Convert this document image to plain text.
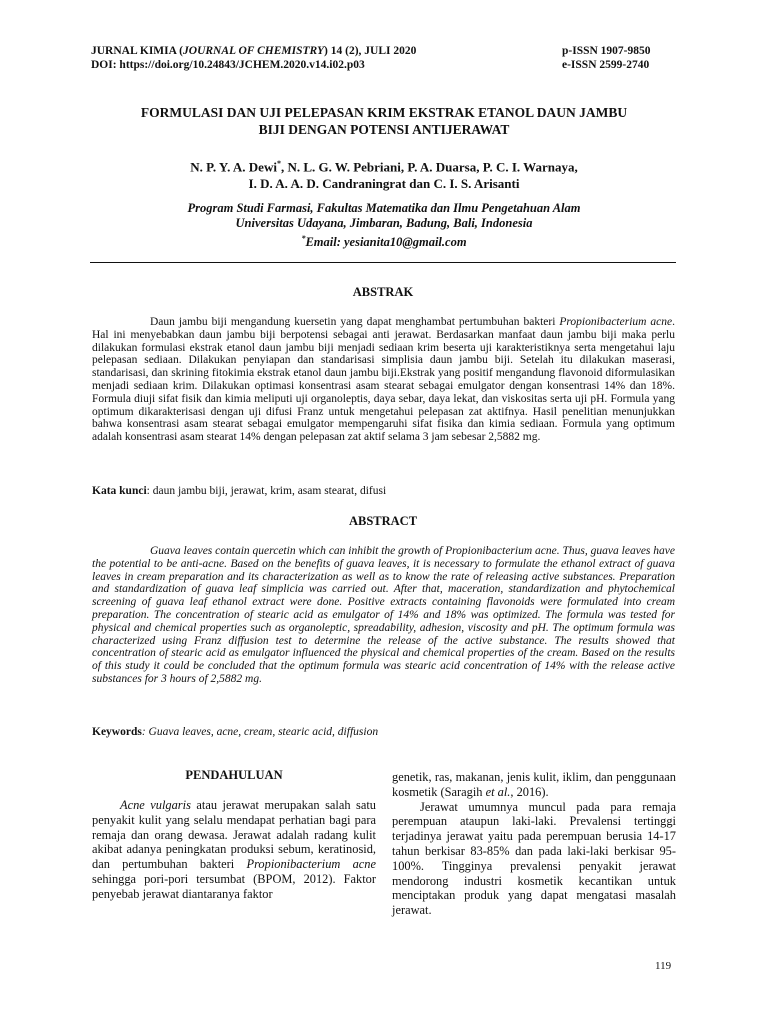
JURNAL KIMIA (JOURNAL OF CHEMISTRY) 14 (2), JULI 2020
DOI: https://doi.org/10.24843/JCHEM.2020.v14.i02.p03
p-ISSN 1907-9850
e-ISSN 2599-2740
FORMULASI DAN UJI PELEPASAN KRIM EKSTRAK ETANOL DAUN JAMBU
BIJI DENGAN POTENSI ANTIJERAWAT
N. P. Y. A. Dewi*, N. L. G. W. Pebriani, P. A. Duarsa, P. C. I. Warnaya,
I. D. A. A. D. Candraningrat dan C. I. S. Arisanti
Program Studi Farmasi, Fakultas Matematika dan Ilmu Pengetahuan Alam
Universitas Udayana, Jimbaran, Badung, Bali, Indonesia
*Email: yesianita10@gmail.com
ABSTRAK
Daun jambu biji mengandung kuersetin yang dapat menghambat pertumbuhan bakteri Propionibacterium acne. Hal ini menyebabkan daun jambu biji berpotensi sebagai anti jerawat. Berdasarkan manfaat daun jambu biji maka perlu dilakukan formulasi ekstrak etanol daun jambu biji menjadi sediaan krim beserta uji karakteristiknya serta mengetahui laju pelepasan sediaan. Dilakukan penyiapan dan standarisasi simplisia daun jambu biji. Setelah itu dilakukan maserasi, standarisasi, dan skrining fitokimia ekstrak etanol daun jambu biji.Ekstrak yang positif mengandung flavonoid diformulasikan menjadi sediaan krim. Dilakukan optimasi konsentrasi asam stearat sebagai emulgator dengan konsentrasi 14% dan 18%. Formula diuji sifat fisik dan kimia meliputi uji organoleptis, daya sebar, daya lekat, dan viskositas serta uji pH. Formula yang optimum dikarakterisasi dengan uji difusi Franz untuk mengetahui pelepasan zat aktifnya. Hasil penelitian menunjukkan bahwa konsentrasi asam stearat sebagai emulgator mempengaruhi sifat fisika dan kimia sediaan. Formula yang optimum adalah konsentrasi asam stearat 14% dengan pelepasan zat aktif selama 3 jam sebesar 2,5882 mg.
Kata kunci: daun jambu biji, jerawat, krim, asam stearat, difusi
ABSTRACT
Guava leaves contain quercetin which can inhibit the growth of Propionibacterium acne. Thus, guava leaves have the potential to be anti-acne. Based on the benefits of guava leaves, it is necessary to formulate the ethanol extract of guava leaves in cream preparation and its characterization as well as to know the rate of releasing active substances. Preparation and standardization of guava leaf simplicia was carried out. After that, maceration, standardization and phytochemical screening of guava leaf ethanol extract were done. Positive extracts containing flavonoids were formulated into cream preparation. The concentration of stearic acid as emulgator of 14% and 18% was optimized. The formula was tested for physical and chemical properties such as organoleptic, spreadability, adhesion, viscosity and pH. The optimum formula was characterized using Franz diffusion test to determine the release of the active substance. The results showed that concentration of stearic acid as emulgator influenced the physical and chemical properties of the cream. Based on the results of this study it could be concluded that the optimum formula was stearic acid concentration of 14% with the release active substances for 3 hours of 2,5882 mg.
Keywords: Guava leaves, acne, cream, stearic acid, diffusion
PENDAHULUAN
Acne vulgaris atau jerawat merupakan salah satu penyakit kulit yang selalu mendapat perhatian bagi para remaja dan orang dewasa. Jerawat adalah radang kulit akibat adanya peningkatan produksi sebum, keratinosid, dan pertumbuhan bakteri Propionibacterium acne sehingga pori-pori tersumbat (BPOM, 2012). Faktor penyebab jerawat diantaranya faktor
genetik, ras, makanan, jenis kulit, iklim, dan penggunaan kosmetik (Saragih et al., 2016).
Jerawat umumnya muncul pada para remaja perempuan ataupun laki-laki. Prevalensi tertinggi terjadinya jerawat yaitu pada perempuan berusia 14-17 tahun berkisar 83-85% dan pada laki-laki berkisar 95-100%. Tingginya prevalensi penyakit jerawat mendorong industri kosmetik kecantikan untuk menciptakan produk yang dapat mengatasi masalah jerawat.
119
